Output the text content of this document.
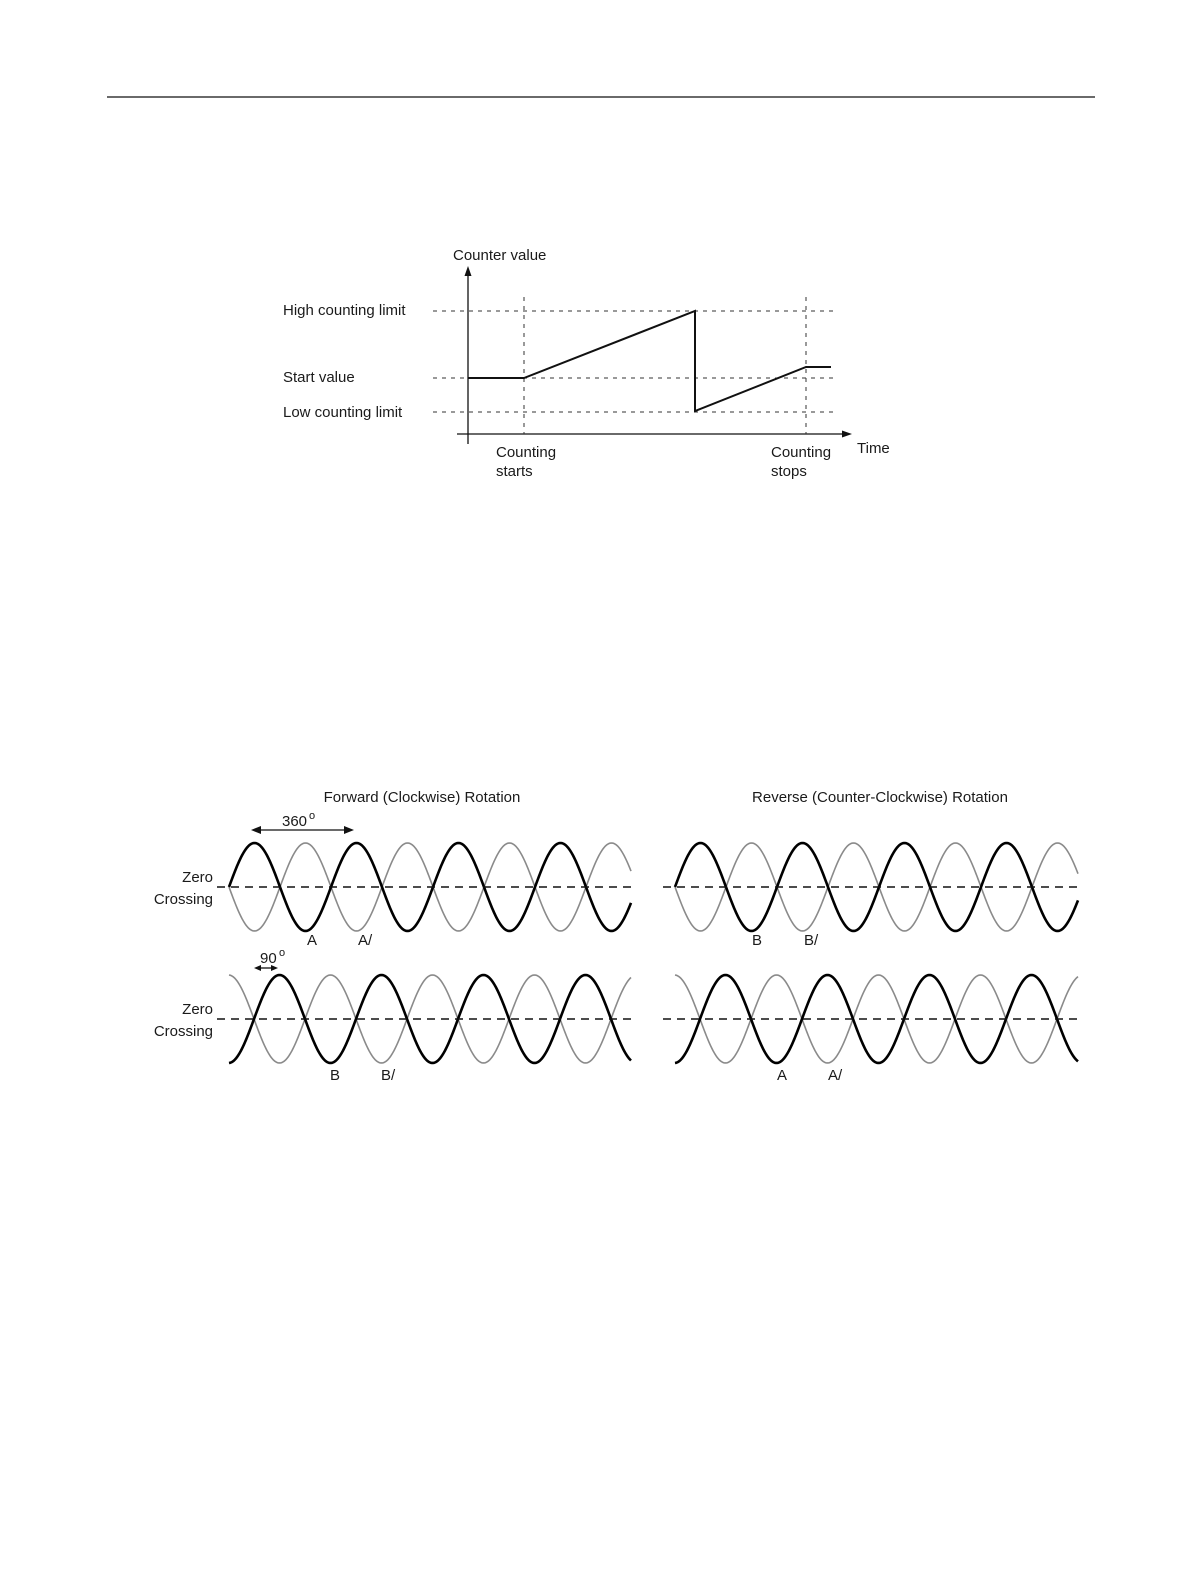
Counter value
Time
High counting limit
Start value
Low counting limit
Counting
starts
Counting
stops
Forward (Clockwise) Rotation	Reverse (Counter-Clockwise) Rotation
Zero
Crossing
Zero
Crossing
360 o
90 o
A	A/
B	B/
B	B/
A	A/
